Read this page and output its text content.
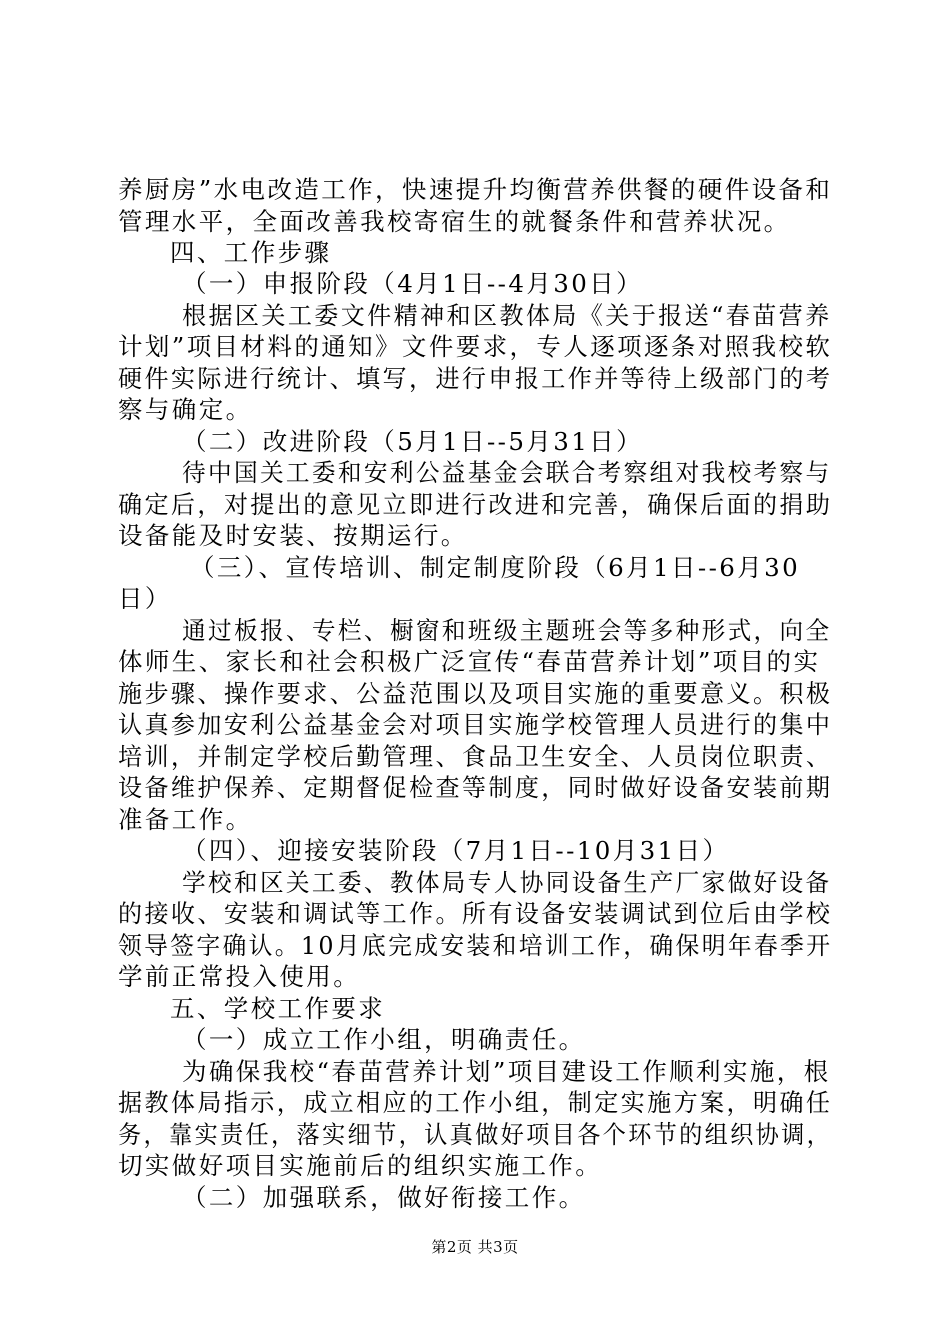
养厨房”水电改造工作，快速提升均衡营养供餐的硬件设备和
管理水平，全面改善我校寄宿生的就餐条件和营养状况。
四、工作步骤
（一）申报阶段（4月1日--4月30日）
根据区关工委文件精神和区教体局《关于报送“春苗营养
计划”项目材料的通知》文件要求，专人逐项逐条对照我校软
硬件实际进行统计、填写，进行申报工作并等待上级部门的考
察与确定。
（二）改进阶段（5月1日--5月31日）
待中国关工委和安利公益基金会联合考察组对我校考察与
确定后，对提出的意见立即进行改进和完善，确保后面的捐助
设备能及时安装、按期运行。
（三）、宣传培训、制定制度阶段（6月1日--6月30
日）
通过板报、专栏、橱窗和班级主题班会等多种形式，向全
体师生、家长和社会积极广泛宣传“春苗营养计划”项目的实
施步骤、操作要求、公益范围以及项目实施的重要意义。积极
认真参加安利公益基金会对项目实施学校管理人员进行的集中
培训，并制定学校后勤管理、食品卫生安全、人员岗位职责、
设备维护保养、定期督促检查等制度，同时做好设备安装前期
准备工作。
（四）、迎接安装阶段（7月1日--10月31日）
学校和区关工委、教体局专人协同设备生产厂家做好设备
的接收、安装和调试等工作。所有设备安装调试到位后由学校
领导签字确认。10月底完成安装和培训工作，确保明年春季开
学前正常投入使用。
五、学校工作要求
（一）成立工作小组，明确责任。
为确保我校“春苗营养计划”项目建设工作顺利实施，根
据教体局指示，成立相应的工作小组，制定实施方案，明确任
务，靠实责任，落实细节，认真做好项目各个环节的组织协调，
切实做好项目实施前后的组织实施工作。
（二）加强联系，做好衔接工作。
第2页 共3页
